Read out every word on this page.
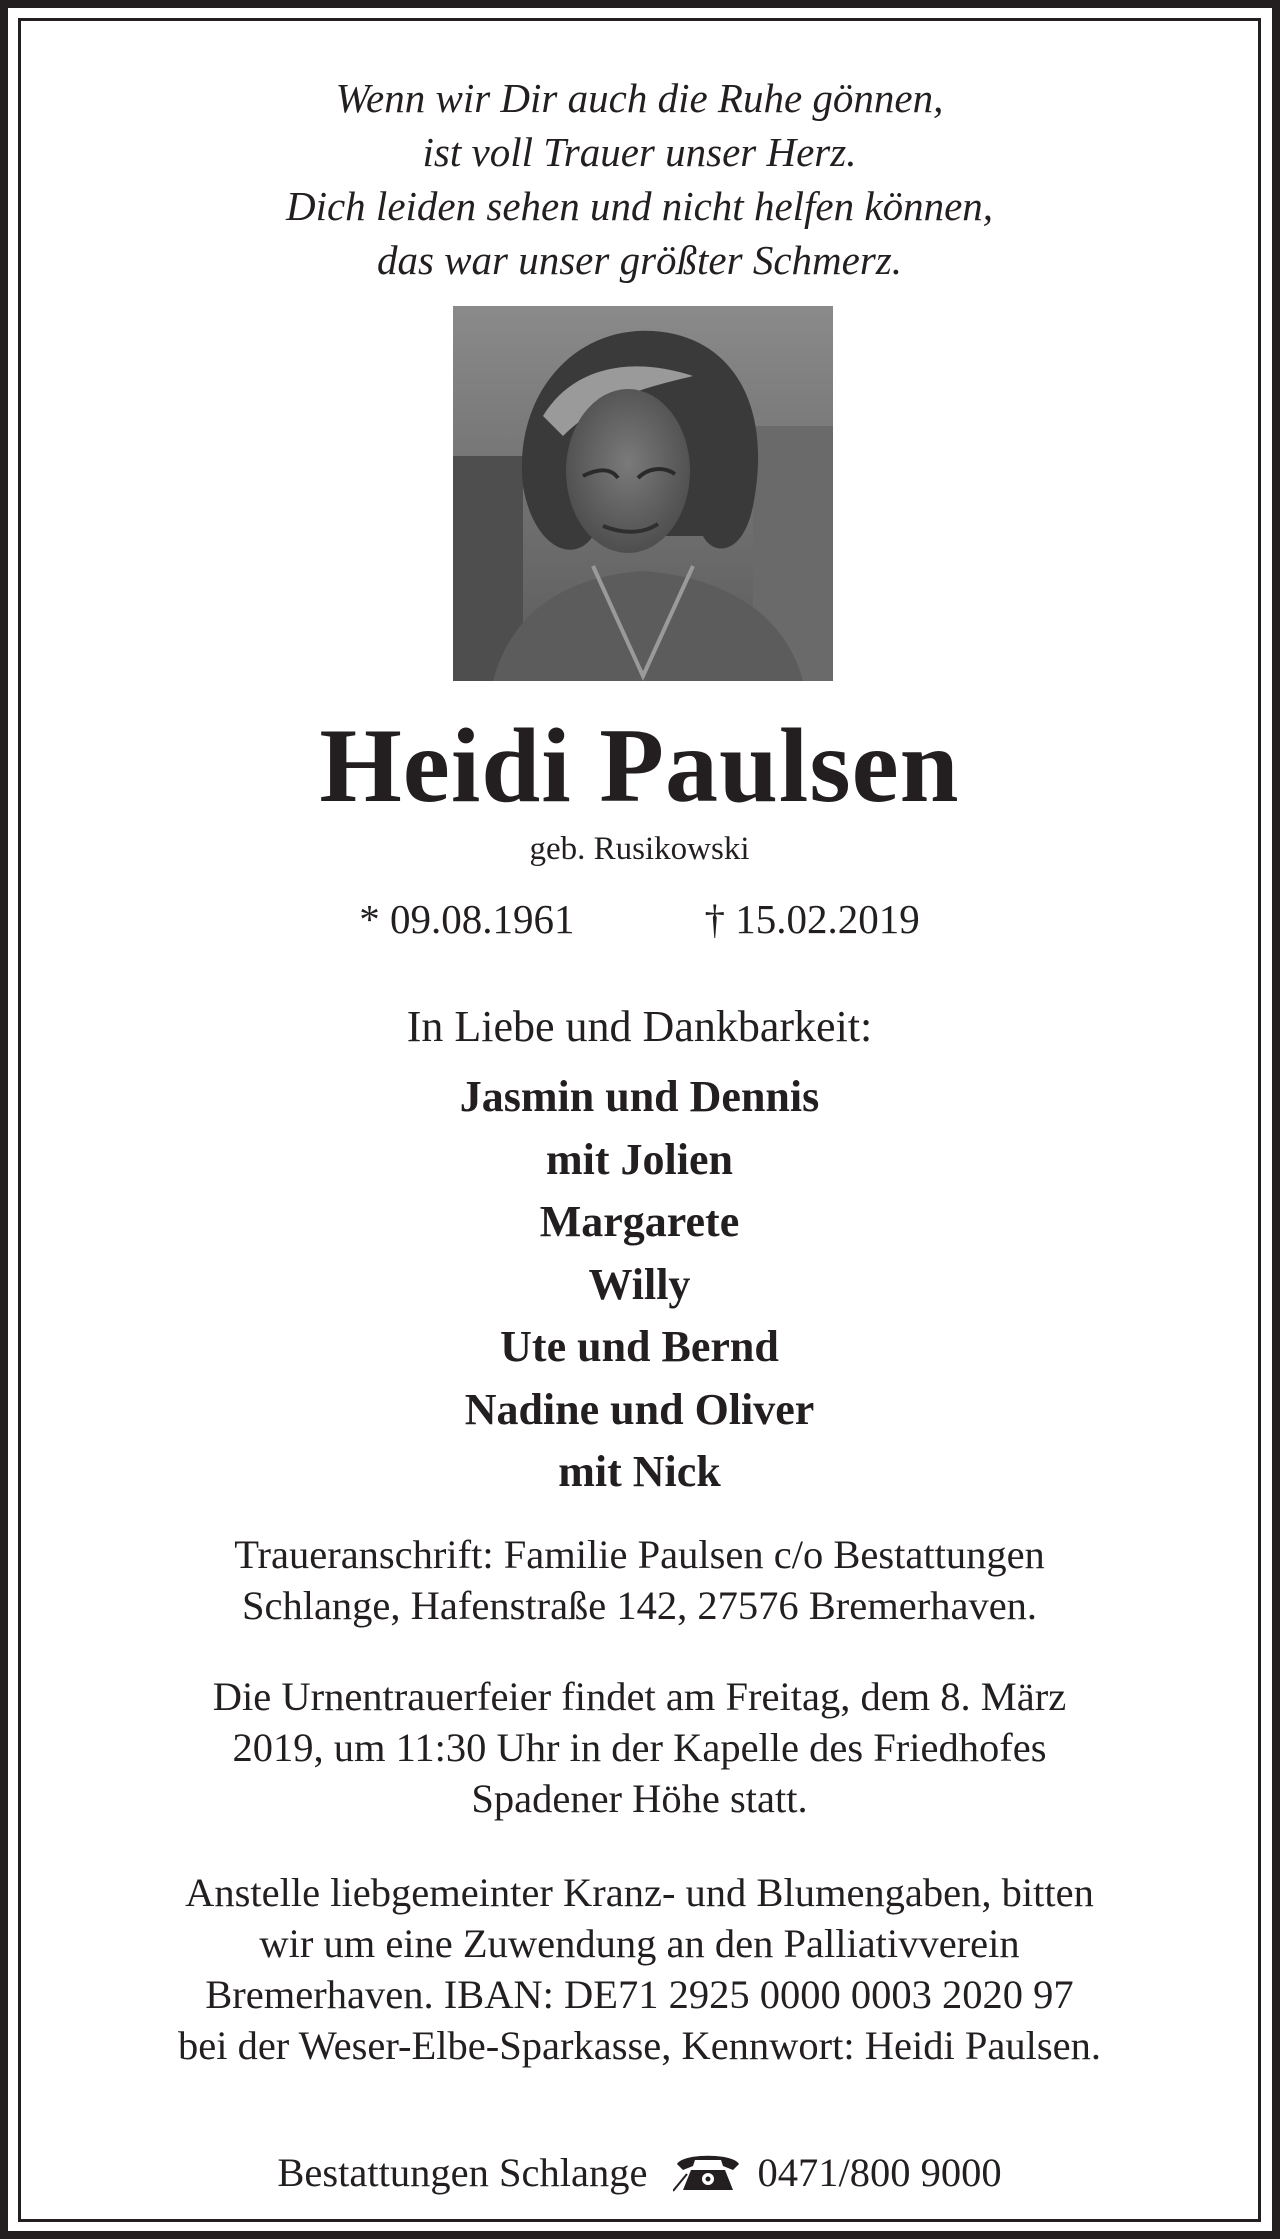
Wenn wir Dir auch die Ruhe gönnen,
ist voll Trauer unser Herz.
Dich leiden sehen und nicht helfen können,
das war unser größter Schmerz.
Heidi Paulsen
geb. Rusikowski
* 09.08.1961	† 15.02.2019
In Liebe und Dankbarkeit:
Jasmin und Dennis
mit Jolien
Margarete
Willy
Ute und Bernd
Nadine und Oliver
mit Nick
Traueranschrift: Familie Paulsen c/o Bestattungen
Schlange, Hafenstraße 142, 27576 Bremerhaven.
Die Urnentrauerfeier findet am Freitag, dem 8. März
2019, um 11:30 Uhr in der Kapelle des Friedhofes
Spadener Höhe statt.
Anstelle liebgemeinter Kranz- und Blumengaben, bitten
wir um eine Zuwendung an den Palliativverein
Bremerhaven. IBAN: DE71 2925 0000 0003 2020 97
bei der Weser-Elbe-Sparkasse, Kennwort: Heidi Paulsen.
Bestattungen Schlange	0471/800 9000
